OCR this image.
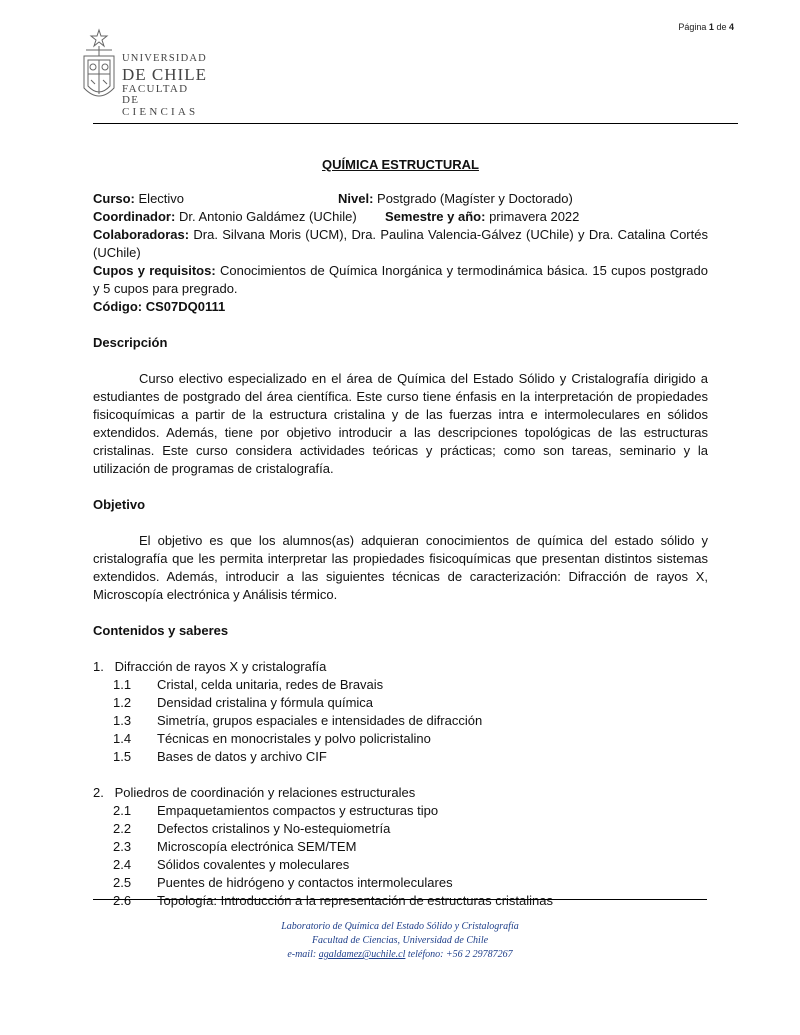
Página 1 de 4
UNIVERSIDAD
DE CHILE
FACULTAD DE
CIENCIAS
QUÍMICA ESTRUCTURAL
Curso: Electivo	Nivel: Postgrado (Magíster y Doctorado)
Coordinador: Dr. Antonio Galdámez (UChile) Semestre y año: primavera 2022
Colaboradoras: Dra. Silvana Moris (UCM), Dra. Paulina Valencia-Gálvez (UChile) y Dra. Catalina Cortés (UChile)
Cupos y requisitos: Conocimientos de Química Inorgánica y termodinámica básica. 15 cupos postgrado y 5 cupos para pregrado.
Código: CS07DQ0111
Descripción
Curso electivo especializado en el área de Química del Estado Sólido y Cristalografía dirigido a estudiantes de postgrado del área científica. Este curso tiene énfasis en la interpretación de propiedades fisicoquímicas a partir de la estructura cristalina y de las fuerzas intra e intermoleculares en sólidos extendidos. Además, tiene por objetivo introducir a las descripciones topológicas de las estructuras cristalinas. Este curso considera actividades teóricas y prácticas; como son tareas, seminario y la utilización de programas de cristalografía.
Objetivo
El objetivo es que los alumnos(as) adquieran conocimientos de química del estado sólido y cristalografía que les permita interpretar las propiedades fisicoquímicas que presentan distintos sistemas extendidos. Además, introducir a las siguientes técnicas de caracterización: Difracción de rayos X, Microscopía electrónica y Análisis térmico.
Contenidos y saberes
1. Difracción de rayos X y cristalografía
1.1 Cristal, celda unitaria, redes de Bravais
1.2 Densidad cristalina y fórmula química
1.3 Simetría, grupos espaciales e intensidades de difracción
1.4 Técnicas en monocristales y polvo policristalino
1.5 Bases de datos y archivo CIF
2. Poliedros de coordinación y relaciones estructurales
2.1 Empaquetamientos compactos y estructuras tipo
2.2 Defectos cristalinos y No-estequiometría
2.3 Microscopía electrónica SEM/TEM
2.4 Sólidos covalentes y moleculares
2.5 Puentes de hidrógeno y contactos intermoleculares
2.6 Topología: Introducción a la representación de estructuras cristalinas
Laboratorio de Química del Estado Sólido y Cristalografía
Facultad de Ciencias, Universidad de Chile
e-mail: agaldamez@uchile.cl teléfono: +56 2 29787267
